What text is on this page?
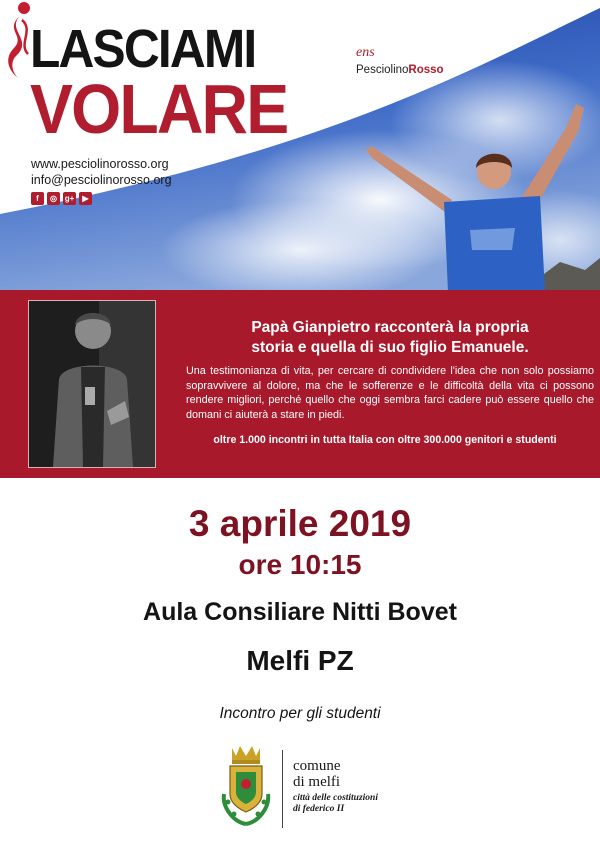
LASCIAMI
VOLARE
www.pesciolinorosso.org
info@pesciolinorosso.org
f	◎ g+	▶
ens
PesciolinoRosso
Papà Gianpietro racconterà la propria
storia e quella di suo figlio Emanuele.
Una testimonianza di vita, per cercare di condividere l'idea che non solo possiamo sopravvivere al dolore, ma che le sofferenze e le difficoltà della vita ci possono rendere migliori, perché quello che oggi sembra farci cadere può essere quello che domani ci aiuterà a stare in piedi.
oltre 1.000 incontri in tutta Italia con oltre 300.000 genitori e studenti
3 aprile 2019
ore 10:15
Aula Consiliare Nitti Bovet
Melfi PZ
Incontro per gli studenti
comune
di melfi
città delle costituzioni
di federico II
